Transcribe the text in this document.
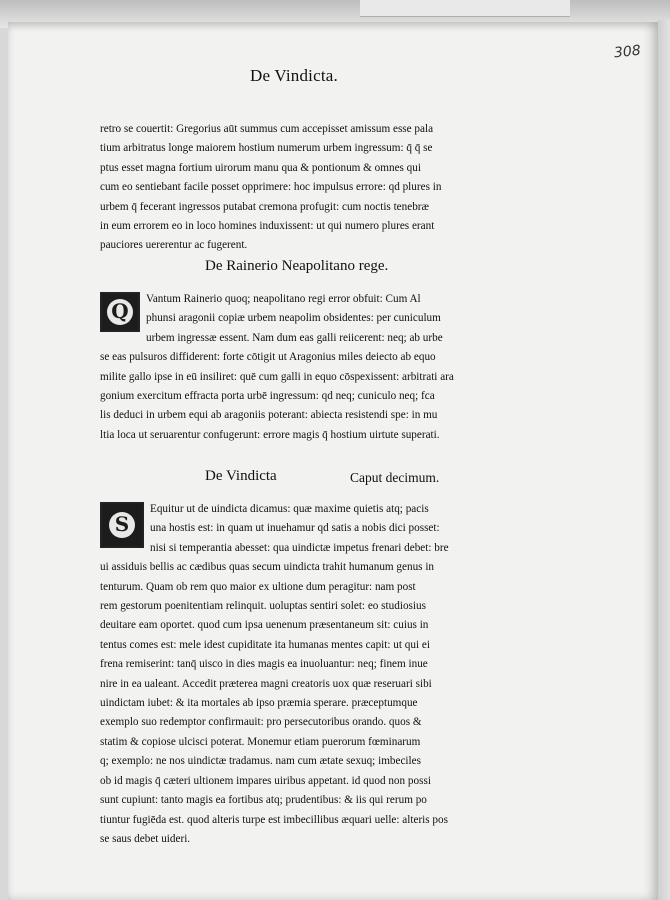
308
De Vindicta.
retro se couertit: Gregorius aūt summus cum accepisset amissum esse pala
tium arbitratus longe maiorem hostium numerum urbem ingressum: q̄ q̄ se
ptus esset magna fortium uirorum manu qua & pontionum & omnes qui
cum eo sentiebant facile posset opprimere: hoc impulsus errore: qd plures in
urbem q̄ fecerant ingressos putabat cremona profugit: cum noctis tenebræ
in eum errorem eo in loco homines induxissent: ut qui numero plures erant
pauciores uererentur ac fugerent.
De Rainerio Neapolitano rege.
Q
Vantum Rainerio quoq; neapolitano regi error obfuit: Cum Al
phunsi aragonii copiæ urbem neapolim obsidentes: per cuniculum
urbem ingressæ essent. Nam dum eas galli reiicerent: neq; ab urbe
se eas pulsuros diffiderent: forte cōtigit ut Aragonius miles deiecto ab equo
milite gallo ipse in eū insiliret: quē cum galli in equo cōspexissent: arbitrati ara
gonium exercitum effracta porta urbē ingressum: qd neq; cuniculo neq; fca
lis deduci in urbem equi ab aragoniis poterant: abiecta resistendi spe: in mu
ltia loca ut seruarentur confugerunt: errore magis q̄ hostium uirtute superati.
De Vindicta	Caput decimum.
S
Equitur ut de uindicta dicamus: quæ maxime quietis atq; pacis
una hostis est: in quam ut inuehamur qd satis a nobis dici posset:
nisi si temperantia abesset: qua uindictæ impetus frenari debet: bre
ui assiduis bellis ac cædibus quas secum uindicta trahit humanum genus in
tenturum. Quam ob rem quo maior ex ultione dum peragitur: nam post
rem gestorum poenitentiam relinquit. uoluptas sentiri solet: eo studiosius
deuitare eam oportet. quod cum ipsa uenenum præsentaneum sit: cuius in
tentus comes est: mele idest cupiditate ita humanas mentes capit: ut qui ei
frena remiserint: tanq̄ uisco in dies magis ea inuoluantur: neq; finem inue
nire in ea ualeant. Accedit præterea magni creatoris uox quæ reseruari sibi
uindictam iubet: & ita mortales ab ipso præmia sperare. præceptumque
exemplo suo redemptor confirmauit: pro persecutoribus orando. quos &
statim & copiose ulcisci poterat. Monemur etiam puerorum fœminarum
q; exemplo: ne nos uindictæ tradamus. nam cum ætate sexuq; imbeciles
ob id magis q̄ cæteri ultionem impares uiribus appetant. id quod non possi
sunt cupiunt: tanto magis ea fortibus atq; prudentibus: & iis qui rerum po
tiuntur fugiēda est. quod alteris turpe est imbecillibus æquari uelle: alteris pos
se saus debet uideri.
